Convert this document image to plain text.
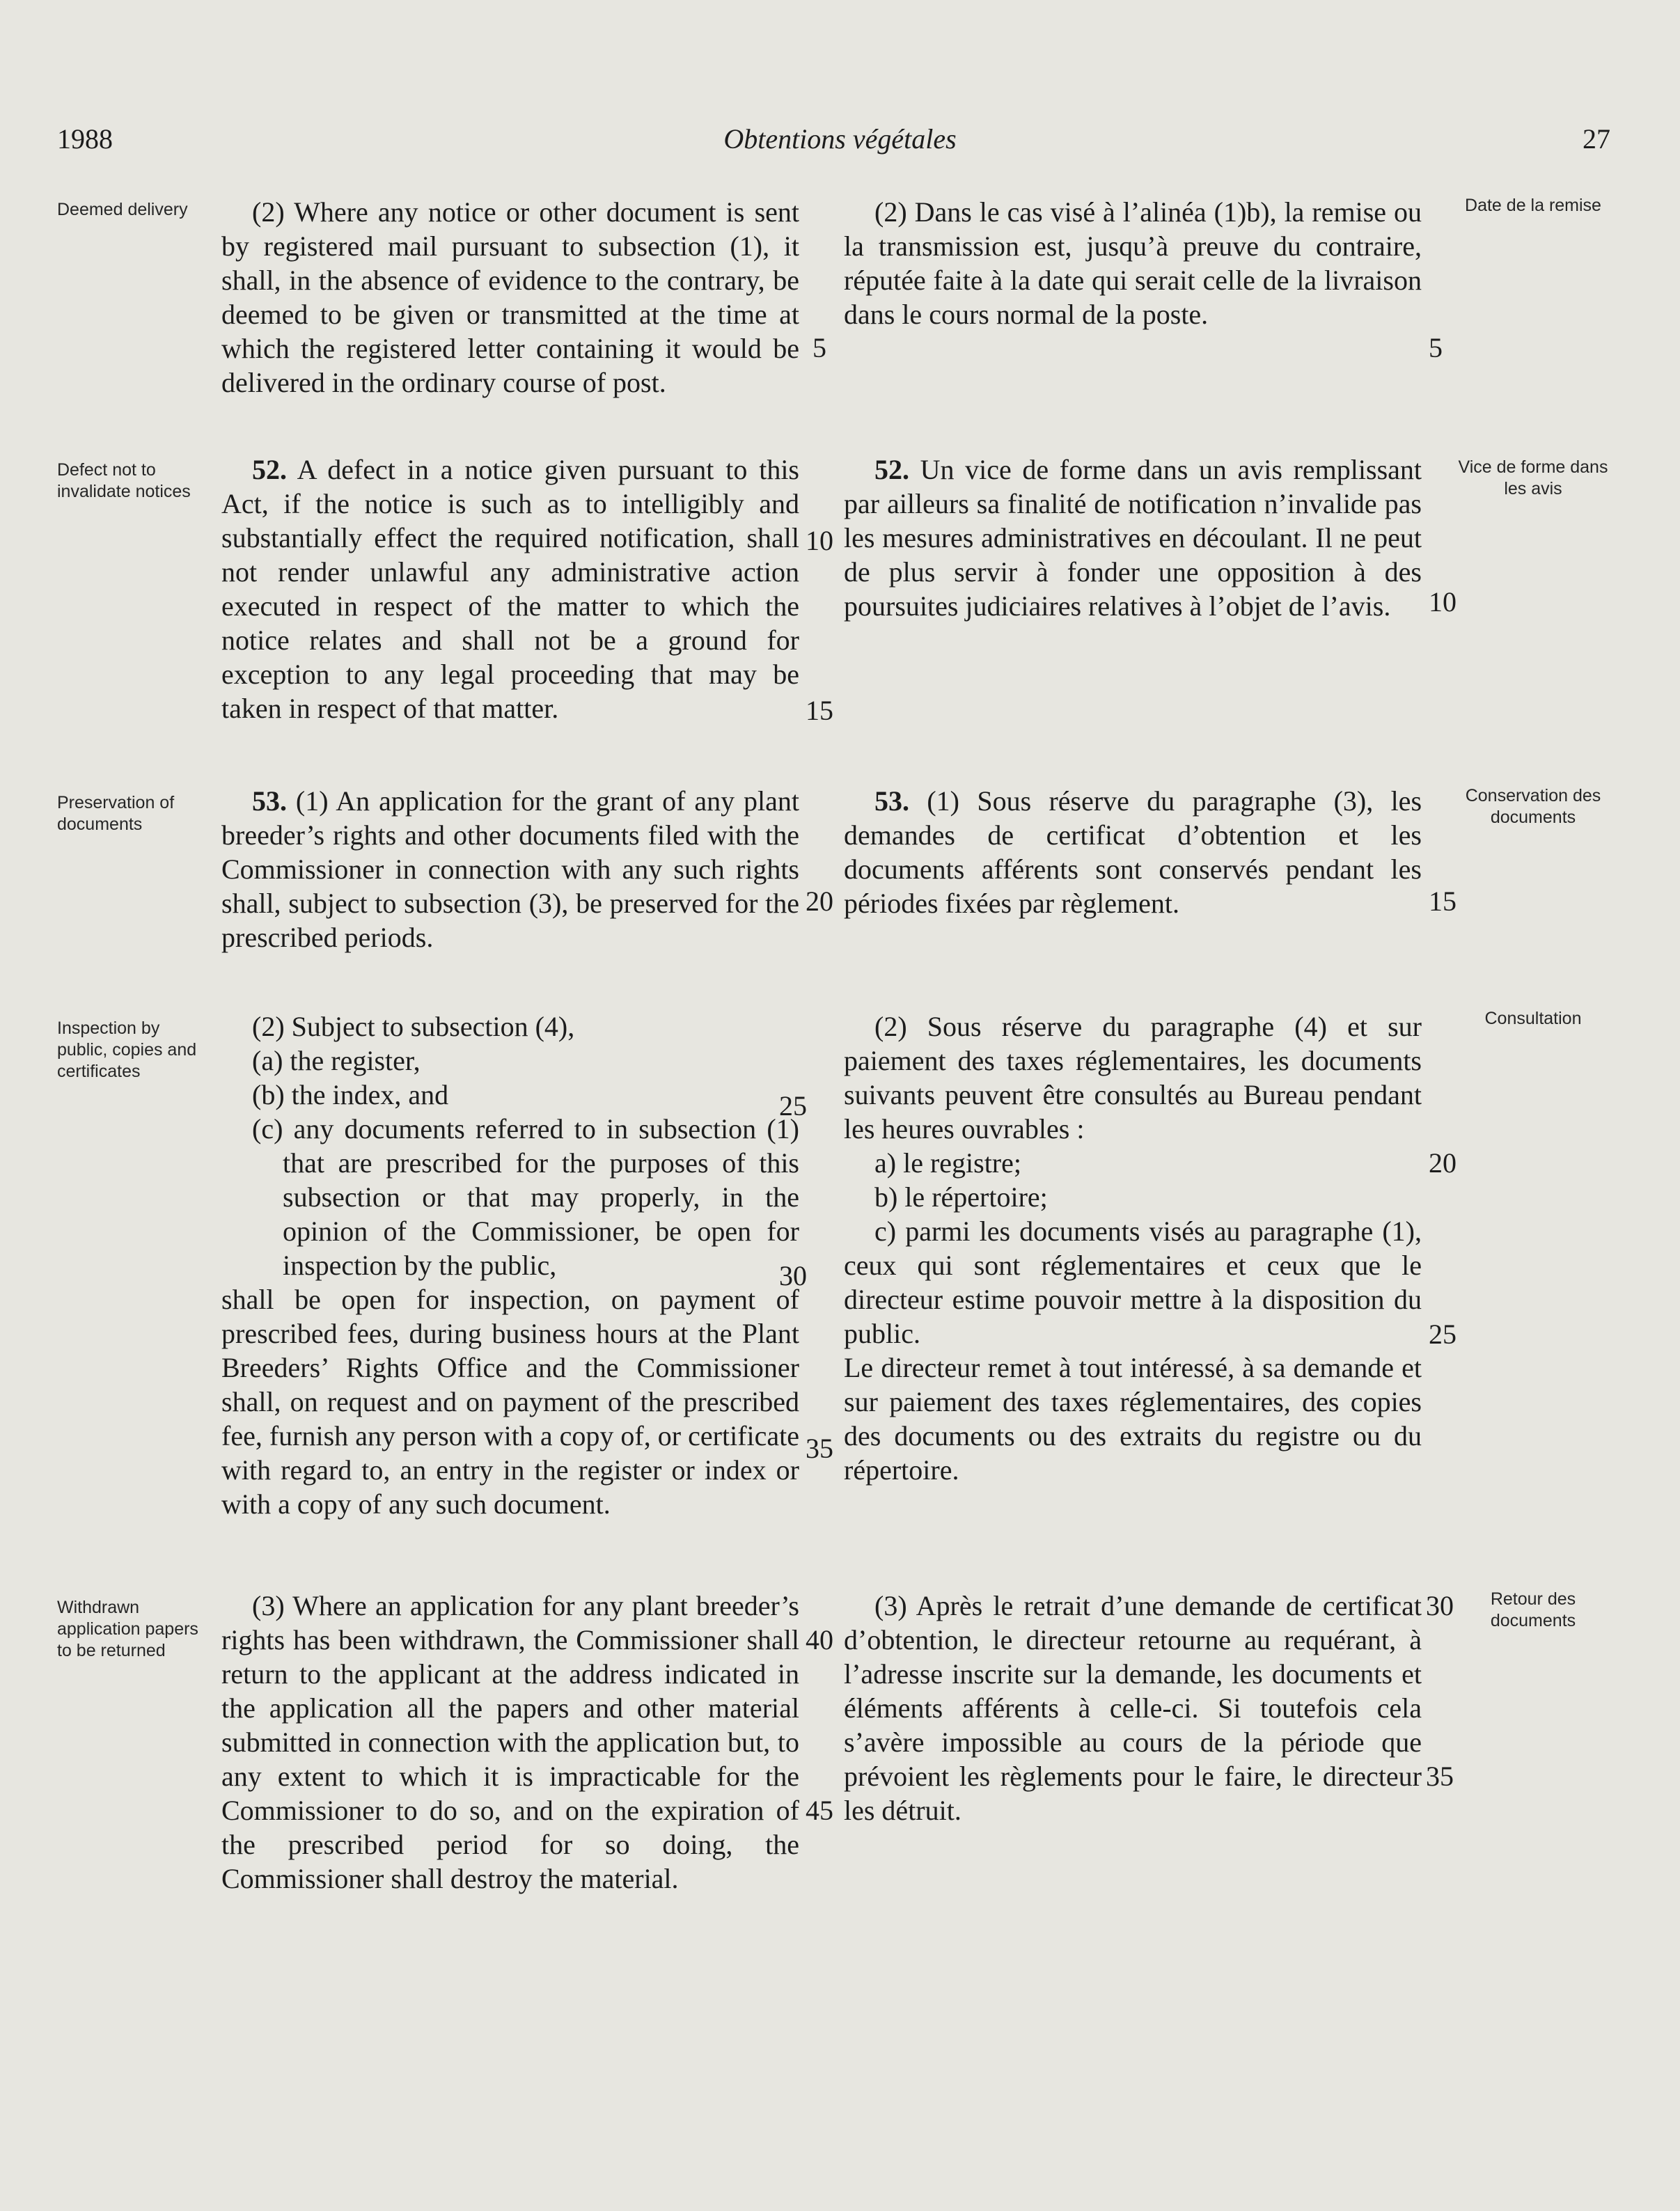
1988	Obtentions végétales	27
Deemed delivery
Defect not to invalidate notices
Preservation of documents
Inspection by public, copies and certificates
Withdrawn application papers to be returned
Date de la remise
Vice de forme dans les avis
Conservation des documents
Consultation
Retour des documents

(2) Where any notice or other document is sent by registered mail pursuant to subsection (1), it shall, in the absence of evidence to the contrary, be deemed to be given or transmitted at the time at which the registered letter containing it would be delivered in the ordinary course of post.

52. A defect in a notice given pursuant to this Act, if the notice is such as to intelligibly and substantially effect the required notification, shall not render unlawful any administrative action executed in respect of the matter to which the notice relates and shall not be a ground for exception to any legal proceeding that may be taken in respect of that matter.

53. (1) An application for the grant of any plant breeder’s rights and other documents filed with the Commissioner in connection with any such rights shall, subject to subsection (3), be preserved for the prescribed periods.

(2) Subject to subsection (4),

(a) the register,

(b) the index, and

(c) any documents referred to in subsection (1) that are prescribed for the purposes of this subsection or that may properly, in the opinion of the Commissioner, be open for inspection by the public,

shall be open for inspection, on payment of prescribed fees, during business hours at the Plant Breeders’ Rights Office and the Commissioner shall, on request and on payment of the prescribed fee, furnish any person with a copy of, or certificate with regard to, an entry in the register or index or with a copy of any such document.

(3) Where an application for any plant breeder’s rights has been withdrawn, the Commissioner shall return to the applicant at the address indicated in the application all the papers and other material submitted in connection with the application but, to any extent to which it is impracticable for the Commissioner to do so, and on the expiration of the prescribed period for so doing, the Commissioner shall destroy the material.

(2) Dans le cas visé à l’alinéa (1)b), la remise ou la transmission est, jusqu’à preuve du contraire, réputée faite à la date qui serait celle de la livraison dans le cours normal de la poste.

52. Un vice de forme dans un avis remplissant par ailleurs sa finalité de notification n’invalide pas les mesures administratives en découlant. Il ne peut de plus servir à fonder une opposition à des poursuites judiciaires relatives à l’objet de l’avis.

53. (1) Sous réserve du paragraphe (3), les demandes de certificat d’obtention et les documents afférents sont conservés pendant les périodes fixées par règlement.

(2) Sous réserve du paragraphe (4) et sur paiement des taxes réglementaires, les documents suivants peuvent être consultés au Bureau pendant les heures ouvrables :

a) le registre;

b) le répertoire;

c) parmi les documents visés au paragraphe (1), ceux qui sont réglementaires et ceux que le directeur estime pouvoir mettre à la disposition du public.

Le directeur remet à tout intéressé, à sa demande et sur paiement des taxes réglementaires, des copies des documents ou des extraits du registre ou du répertoire.

(3) Après le retrait d’une demande de certificat d’obtention, le directeur retourne au requérant, à l’adresse inscrite sur la demande, les documents et éléments afférents à celle-ci. Si toutefois cela s’avère impossible au cours de la période que prévoient les règlements pour le faire, le directeur les détruit.

5
10
15
20
25
30
35
40
45
5
10
15
20
25
30
35
